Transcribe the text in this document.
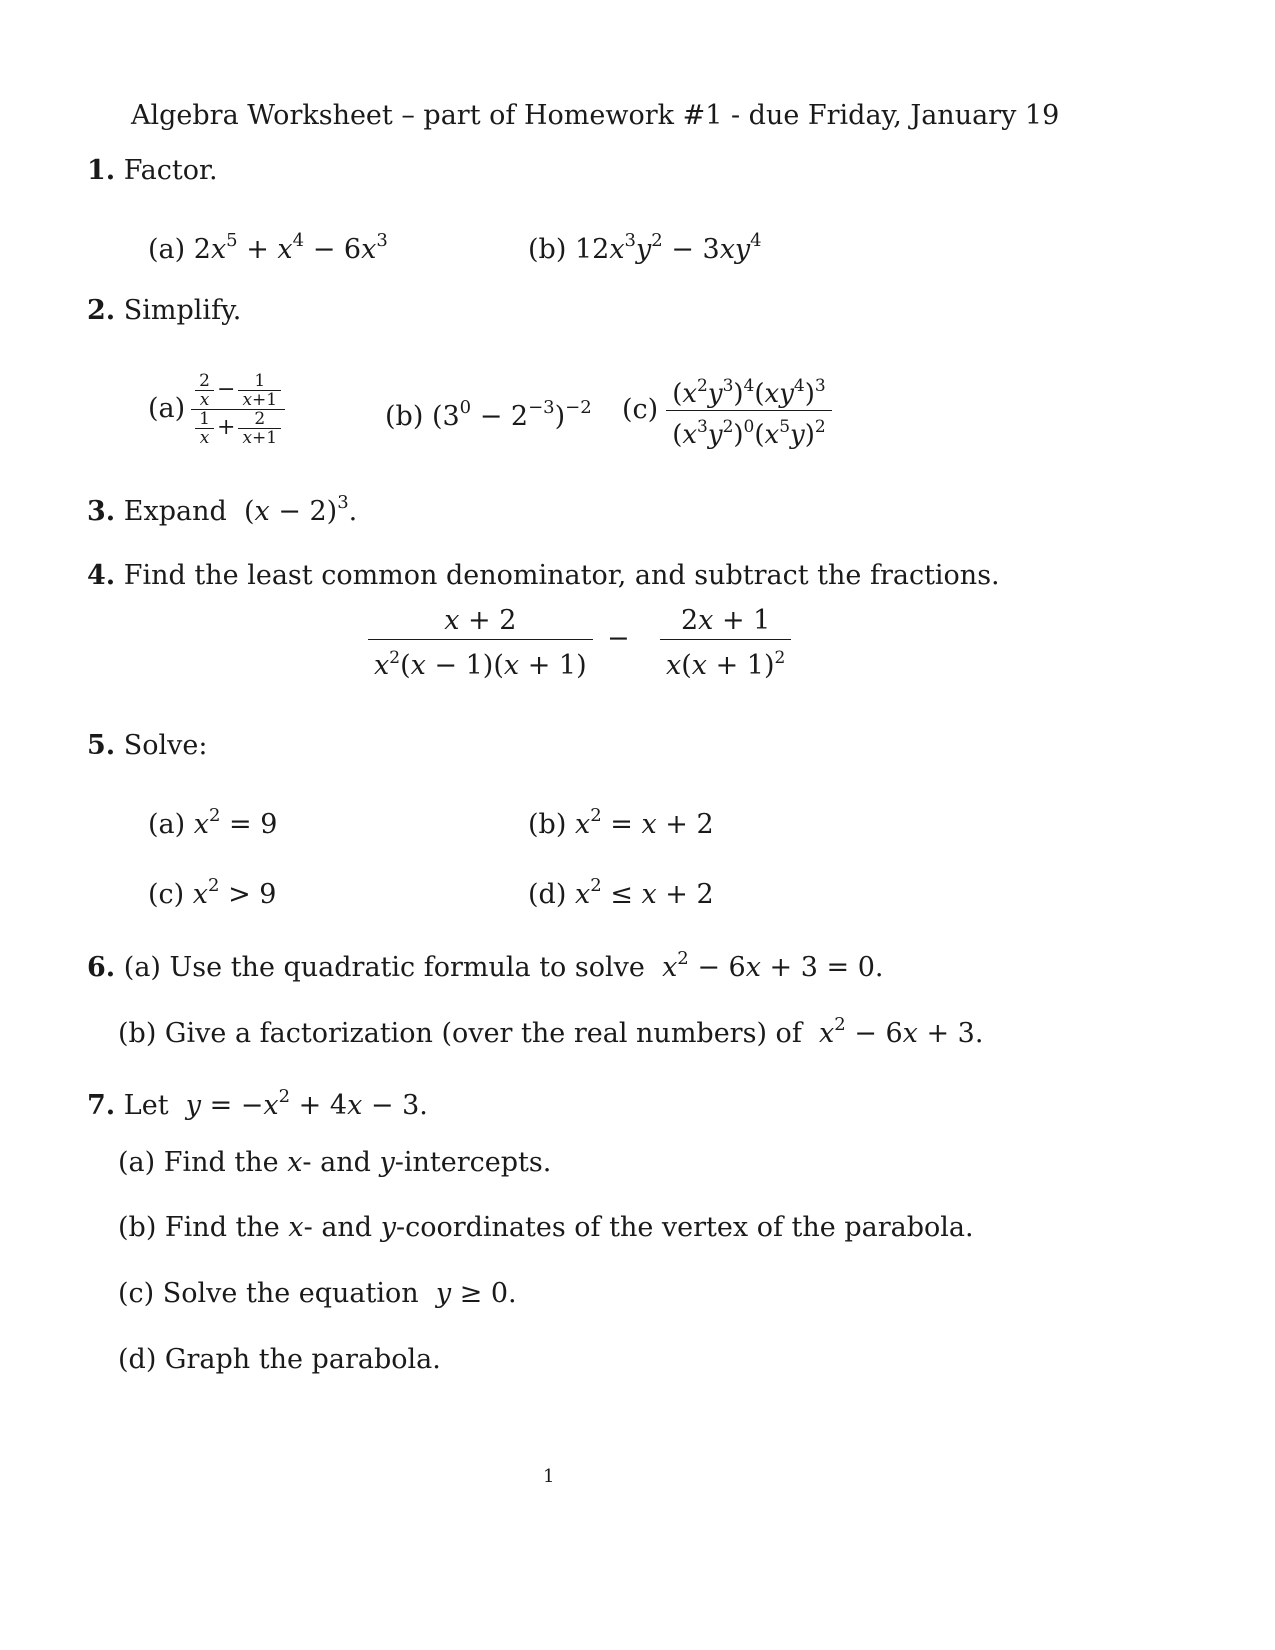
Algebra Worksheet – part of Homework #1 - due Friday, January 19
1. Factor.
(a) $2x^5 + x^4 - 6x^3$	(b) $12x^3y^2 - 3xy^4$
2. Simplify.
$(a) \frac{\frac{2}{x} - \frac{1}{x+1}}{\frac{1}{x} + \frac{2}{x+1}}$	(b) $(3^0 - 2^{-3})^{-2}$ $(c) \frac{(x^2y^3)^4(xy^4)^3}{(x^3y^2)^0(x^5y)^2}$
3. Expand  $(x - 2)^3$.
4. Find the least common denominator, and subtract the fractions.
$\frac{x + 2}{x^2(x - 1)(x + 1)} - \frac{2x + 1}{x(x + 1)^2}$
5. Solve:
(a) $x^2 = 9$	(b) $x^2 = x + 2$
(c) $x^2 > 9$	(d) $x^2 \le x + 2$
6. (a) Use the quadratic formula to solve $x^2 - 6x + 3 = 0$.
(b) Give a factorization (over the real numbers) of $x^2 - 6x + 3$.
7. Let $y = -x^2 + 4x - 3$.
(a) Find the x- and y-intercepts.
(b) Find the x- and y-coordinates of the vertex of the parabola.
(c) Solve the equation y ≥ 0.
(d) Graph the parabola.
1
